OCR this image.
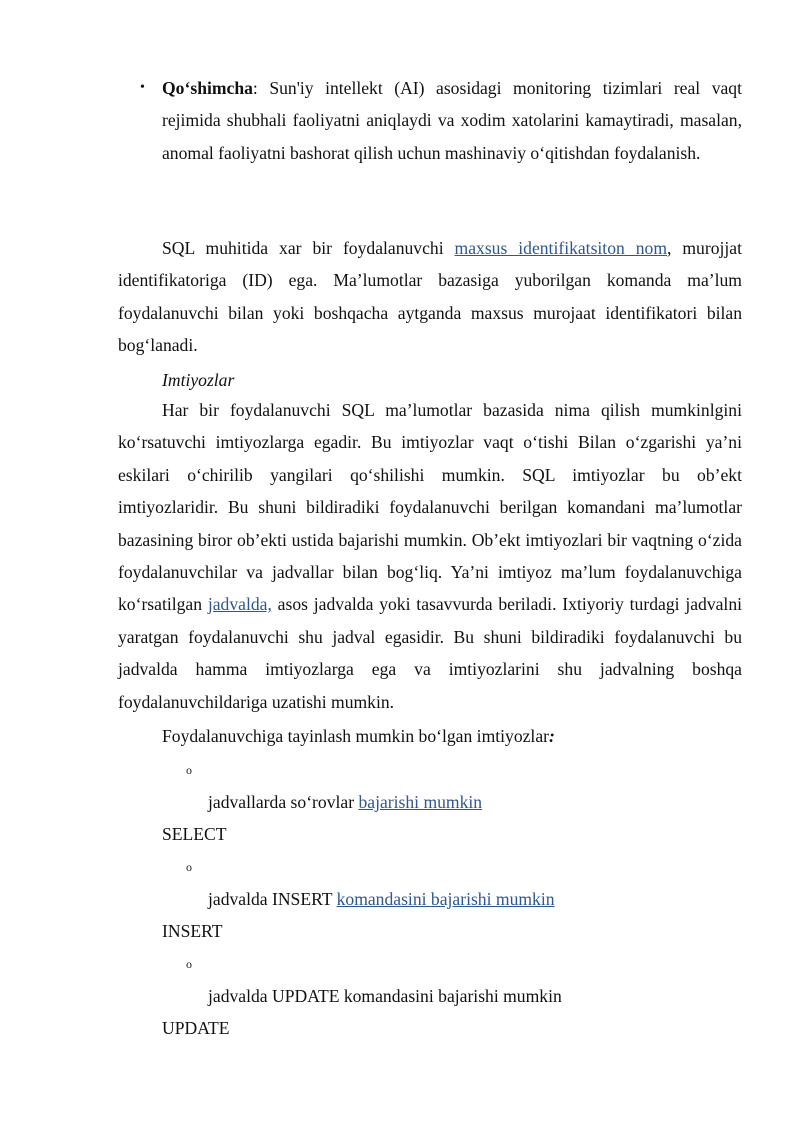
• Qo‘shimcha: Sun'iy intellekt (AI) asosidagi monitoring tizimlari real vaqt rejimida shubhali faoliyatni aniqlaydi va xodim xatolarini kamaytiradi, masalan, anomal faoliyatni bashorat qilish uchun mashinaviy o‘qitishdan foydalanish.
SQL muhitida xar bir foydalanuvchi maxsus identifikatsiton nom, murojjat identifikatoriga (ID) ega. Ma’lumotlar bazasiga yuborilgan komanda ma’lum foydalanuvchi bilan yoki boshqacha aytganda maxsus murojaat identifikatori bilan bog‘lanadi.
Imtiyozlar
Har bir foydalanuvchi SQL ma’lumotlar bazasida nima qilish mumkinlgini ko‘rsatuvchi imtiyozlarga egadir. Bu imtiyozlar vaqt o‘tishi Bilan o‘zgarishi ya’ni eskilari o‘chirilib yangilari qo‘shilishi mumkin. SQL imtiyozlar bu ob’ekt imtiyozlaridir. Bu shuni bildiradiki foydalanuvchi berilgan komandani ma’lumotlar bazasining biror ob’ekti ustida bajarishi mumkin. Ob’ekt imtiyozlari bir vaqtning o‘zida foydalanuvchilar va jadvallar bilan bog‘liq. Ya’ni imtiyoz ma’lum foydalanuvchiga ko‘rsatilgan jadvalda, asos jadvalda yoki tasavvurda beriladi. Ixtiyoriy turdagi jadvalni yaratgan foydalanuvchi shu jadval egasidir. Bu shuni bildiradiki foydalanuvchi bu jadvalda hamma imtiyozlarga ega va imtiyozlarini shu jadvalning boshqa foydalanuvchildariga uzatishi mumkin.
Foydalanuvchiga tayinlash mumkin bo‘lgan imtiyozlar:
o
jadvallarda so‘rovlar bajarishi mumkin
SELECT
o
jadvalda INSERT komandasini bajarishi mumkin
INSERT
o
jadvalda UPDATE komandasini bajarishi mumkin
UPDATE
